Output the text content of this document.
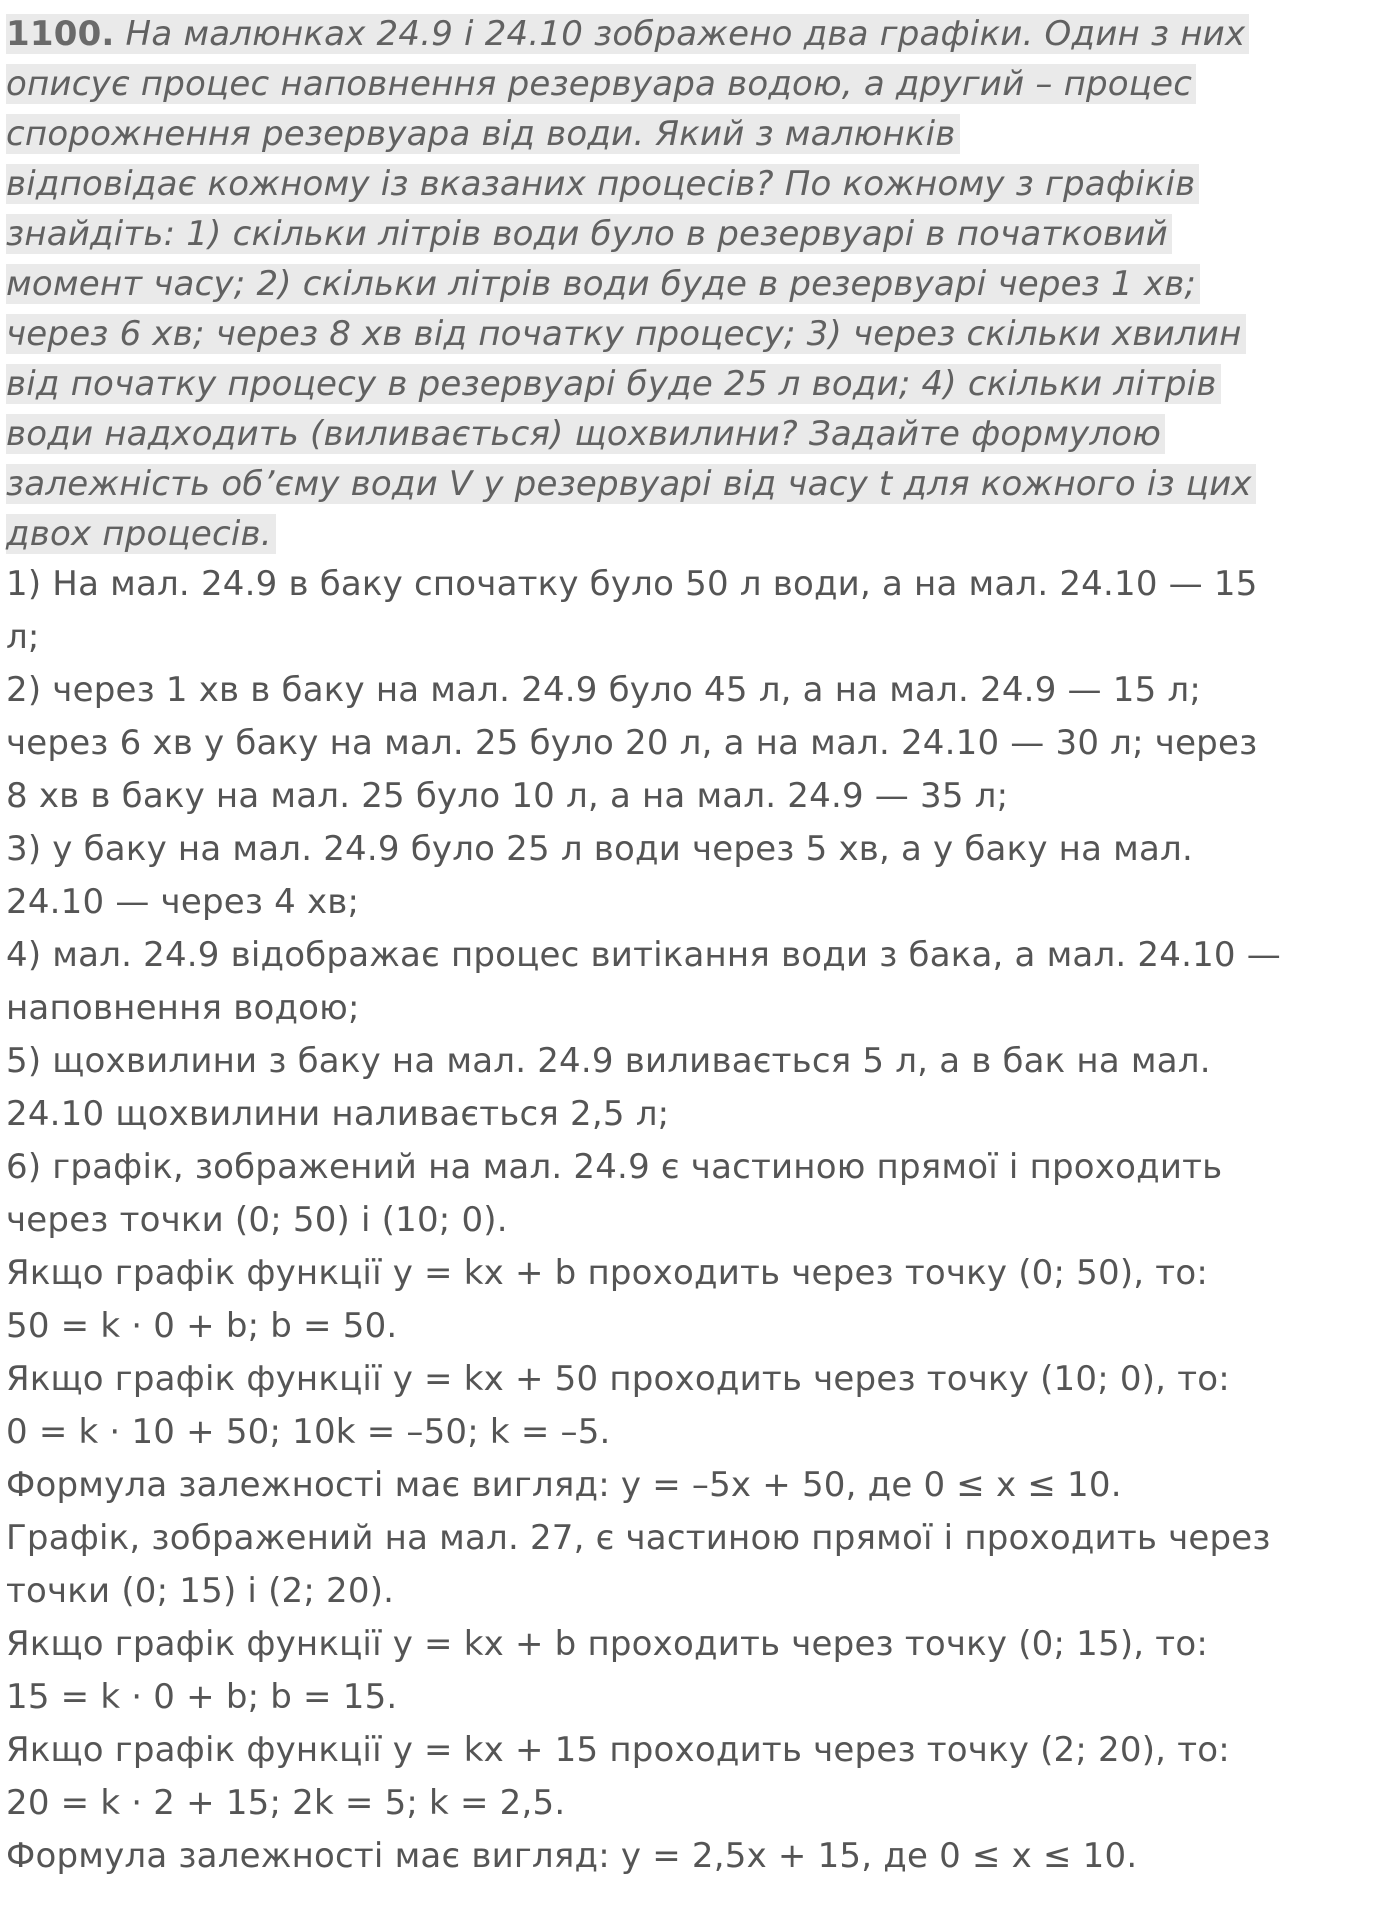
1100. На малюнках 24.9 і 24.10 зображено два графіки. Один з них
описує процес наповнення резервуара водою, а другий – процес
спорожнення резервуара від води. Який з малюнків
відповідає кожному із вказаних процесів? По кожному з графіків
знайдіть: 1) скільки літрів води було в резервуарі в початковий
момент часу; 2) скільки літрів води буде в резервуарі через 1 хв;
через 6 хв; через 8 хв від початку процесу; 3) через скільки хвилин
від початку процесу в резервуарі буде 25 л води; 4) скільки літрів
води надходить (виливається) щохвилини? Задайте формулою
залежність об’єму води V у резервуарі від часу t для кожного із цих
двох процесів.
1) На мал. 24.9 в баку спочатку було 50 л води, а на мал. 24.10 — 15
л;
2) через 1 хв в баку на мал. 24.9 було 45 л, а на мал. 24.9 — 15 л;
через 6 хв у баку на мал. 25 було 20 л, а на мал. 24.10 — 30 л; через
8 хв в баку на мал. 25 було 10 л, а на мал. 24.9 — 35 л;
3) у баку на мал. 24.9 було 25 л води через 5 хв, а у баку на мал.
24.10 — через 4 хв;
4) мал. 24.9 відображає процес витікання води з бака, а мал. 24.10 —
наповнення водою;
5) щохвилини з баку на мал. 24.9 виливається 5 л, а в бак на мал.
24.10 щохвилини наливається 2,5 л;
6) графік, зображений на мал. 24.9 є частиною прямої і проходить
через точки (0; 50) і (10; 0).
Якщо графік функції y = kx + b проходить через точку (0; 50), то:
50 = k · 0 + b; b = 50.
Якщо графік функції y = kx + 50 проходить через точку (10; 0), то:
0 = k · 10 + 50; 10k = –50; k = –5.
Формула залежності має вигляд: y = –5x + 50, де 0 ≤ x ≤ 10.
Графік, зображений на мал. 27, є частиною прямої і проходить через
точки (0; 15) і (2; 20).
Якщо графік функції y = kx + b проходить через точку (0; 15), то:
15 = k · 0 + b; b = 15.
Якщо графік функції y = kx + 15 проходить через точку (2; 20), то:
20 = k · 2 + 15; 2k = 5; k = 2,5.
Формула залежності має вигляд: y = 2,5x + 15, де 0 ≤ x ≤ 10.
